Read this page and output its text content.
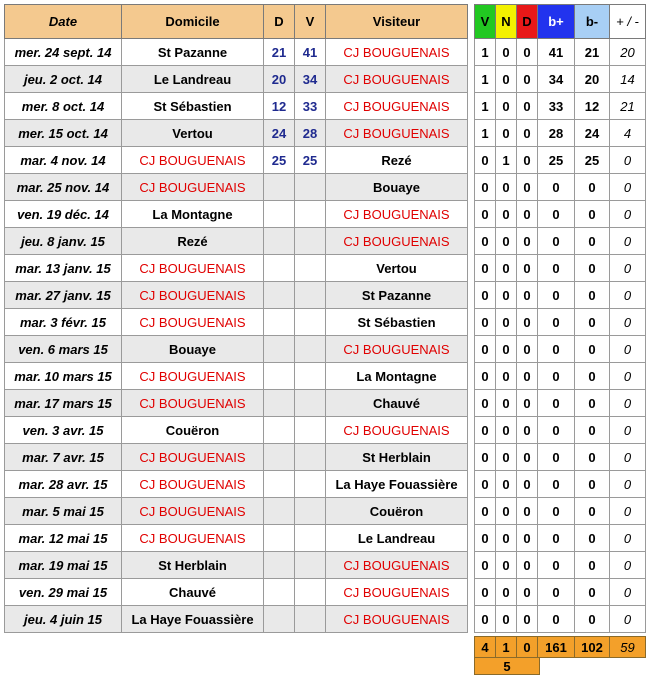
Date	Domicile	D	V	Visiteur
mer. 24 sept. 14	St Pazanne	21	41	CJ BOUGUENAIS
jeu. 2 oct. 14	Le Landreau	20	34	CJ BOUGUENAIS
mer. 8 oct. 14	St Sébastien	12	33	CJ BOUGUENAIS
mer. 15 oct. 14	Vertou	24	28	CJ BOUGUENAIS
mar. 4 nov. 14	CJ BOUGUENAIS	25	25	Rezé
mar. 25 nov. 14	CJ BOUGUENAIS			Bouaye
ven. 19 déc. 14	La Montagne			CJ BOUGUENAIS
jeu. 8 janv. 15	Rezé			CJ BOUGUENAIS
mar. 13 janv. 15	CJ BOUGUENAIS			Vertou
mar. 27 janv. 15	CJ BOUGUENAIS			St Pazanne
mar. 3 févr. 15	CJ BOUGUENAIS			St Sébastien
ven. 6 mars 15	Bouaye			CJ BOUGUENAIS
mar. 10 mars 15	CJ BOUGUENAIS			La Montagne
mar. 17 mars 15	CJ BOUGUENAIS			Chauvé
ven. 3 avr. 15	Couëron			CJ BOUGUENAIS
mar. 7 avr. 15	CJ BOUGUENAIS			St Herblain
mar. 28 avr. 15	CJ BOUGUENAIS			La Haye Fouassière
mar. 5 mai 15	CJ BOUGUENAIS			Couëron
mar. 12 mai 15	CJ BOUGUENAIS			Le Landreau
mar. 19 mai 15	St Herblain			CJ BOUGUENAIS
ven. 29 mai 15	Chauvé			CJ BOUGUENAIS
jeu. 4 juin 15	La Haye Fouassière			CJ BOUGUENAIS
V	N	D	b+	b-	+ / -
1	0	0	41	21	20
1	0	0	34	20	14
1	0	0	33	12	21
1	0	0	28	24	4
0	1	0	25	25	0
0	0	0	0	0	0
0	0	0	0	0	0
0	0	0	0	0	0
0	0	0	0	0	0
0	0	0	0	0	0
0	0	0	0	0	0
0	0	0	0	0	0
0	0	0	0	0	0
0	0	0	0	0	0
0	0	0	0	0	0
0	0	0	0	0	0
0	0	0	0	0	0
0	0	0	0	0	0
0	0	0	0	0	0
0	0	0	0	0	0
0	0	0	0	0	0
0	0	0	0	0	0
4	1	0	161	102	59
5
